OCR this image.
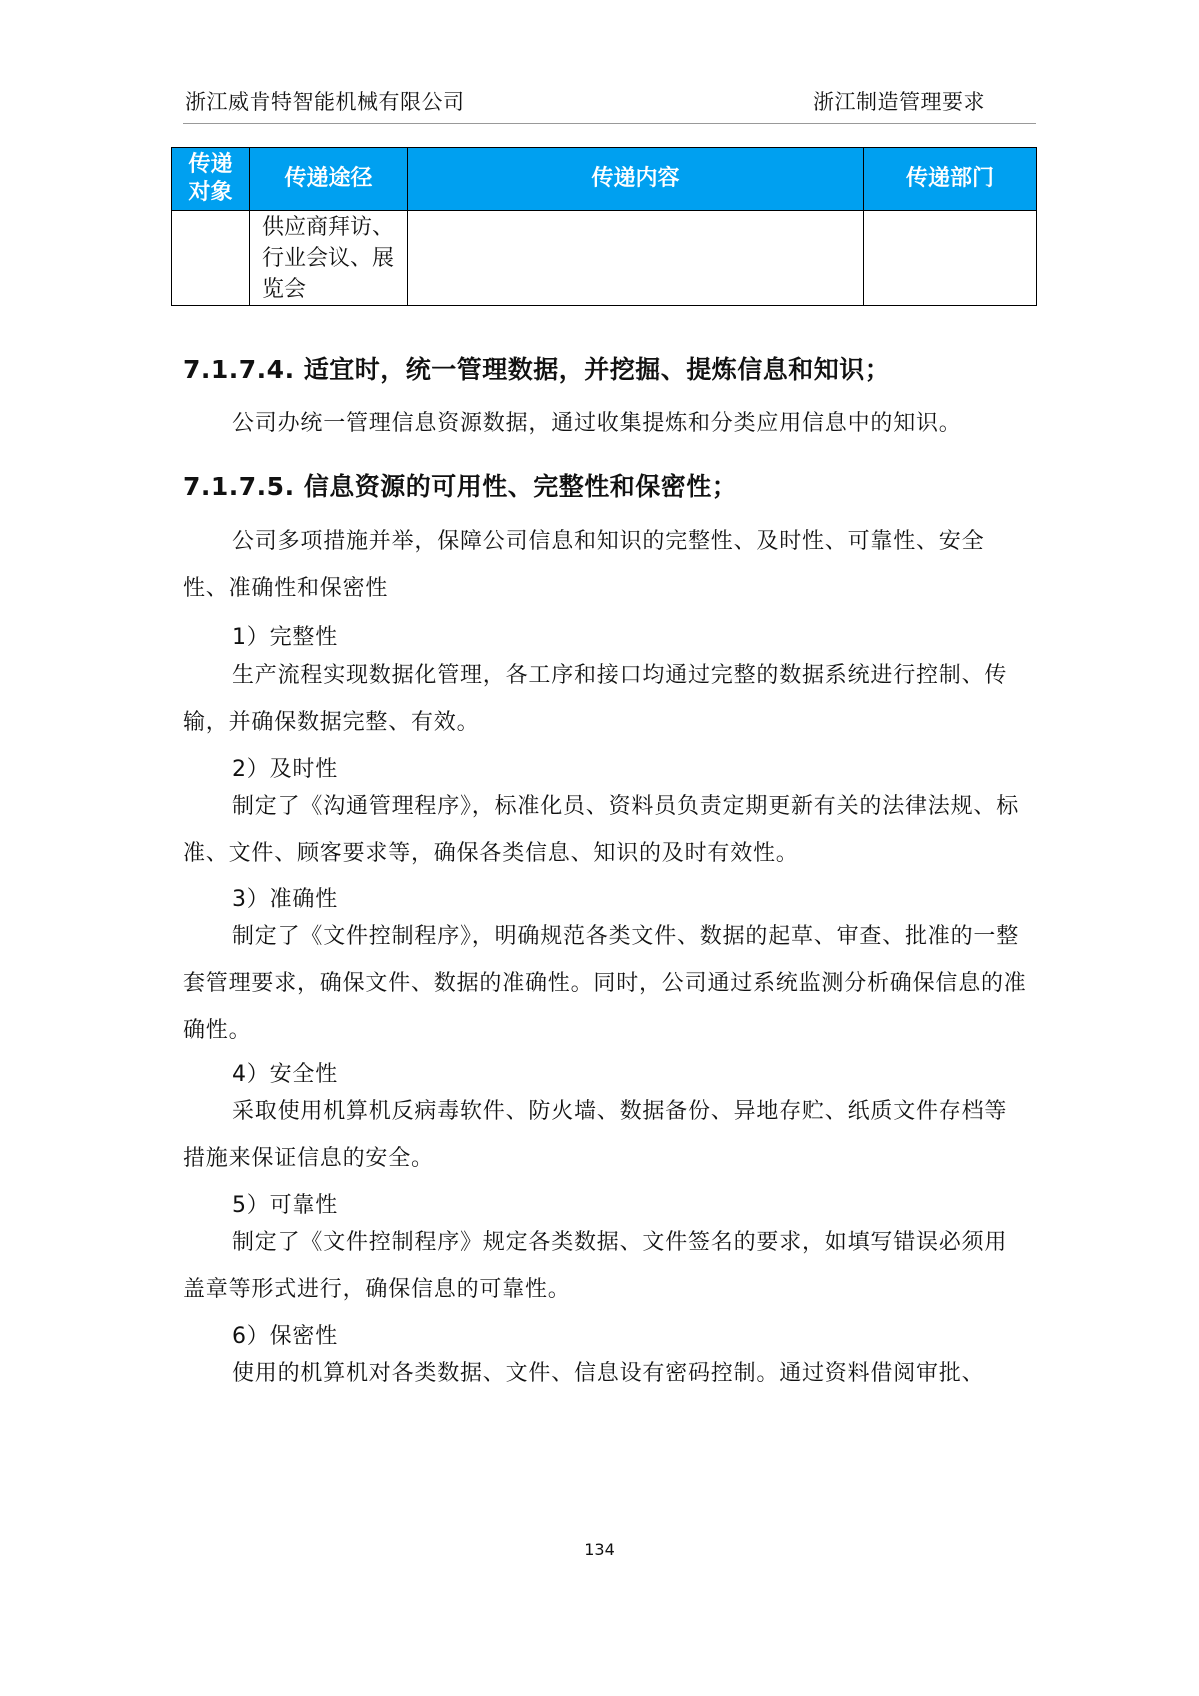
浙江威肯特智能机械有限公司	浙江制造管理要求
传递
对象	传递途径	传递内容	传递部门
	供应商拜访、行业会议、展览会		
7.1.7.4. 适宜时，统一管理数据，并挖掘、提炼信息和知识；
公司办统一管理信息资源数据，通过收集提炼和分类应用信息中的知识。
7.1.7.5. 信息资源的可用性、完整性和保密性；
公司多项措施并举，保障公司信息和知识的完整性、及时性、可靠性、安全性、准确性和保密性
1）完整性
生产流程实现数据化管理，各工序和接口均通过完整的数据系统进行控制、传输，并确保数据完整、有效。
2）及时性
制定了《沟通管理程序》，标准化员、资料员负责定期更新有关的法律法规、标准、文件、顾客要求等，确保各类信息、知识的及时有效性。
3）准确性
制定了《文件控制程序》，明确规范各类文件、数据的起草、审查、批准的一整套管理要求，确保文件、数据的准确性。同时，公司通过系统监测分析确保信息的准确性。
4）安全性
采取使用机算机反病毒软件、防火墙、数据备份、异地存贮、纸质文件存档等措施来保证信息的安全。
5）可靠性
制定了《文件控制程序》规定各类数据、文件签名的要求，如填写错误必须用盖章等形式进行，确保信息的可靠性。
6）保密性
使用的机算机对各类数据、文件、信息设有密码控制。通过资料借阅审批、
134
